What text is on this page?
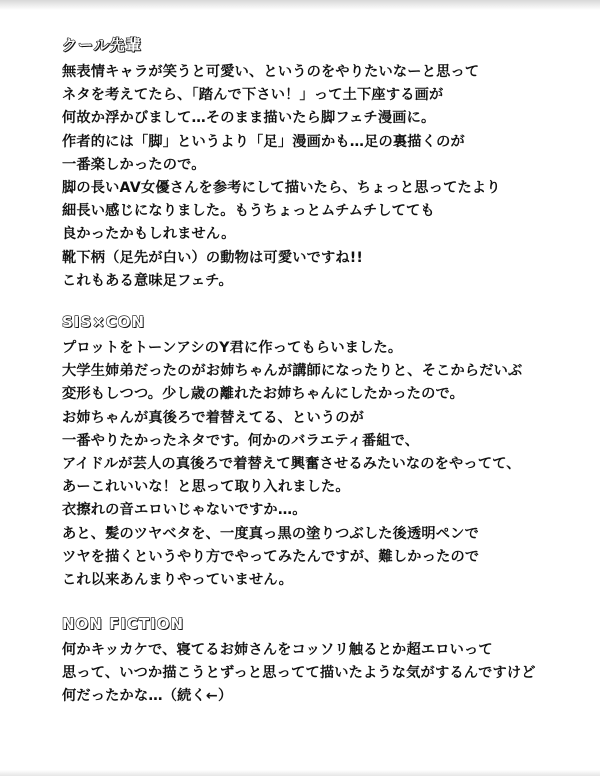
クール先輩
無表情キャラが笑うと可愛い、というのをやりたいなーと思って
ネタを考えてたら、「踏んで下さい！」って土下座する画が
何故か浮かびまして…そのまま描いたら脚フェチ漫画に。
作者的には「脚」というより「足」漫画かも…足の裏描くのが
一番楽しかったので。
脚の長いAV女優さんを参考にして描いたら、ちょっと思ってたより
細長い感じになりました。もうちょっとムチムチしてても
良かったかもしれません。
靴下柄（足先が白い）の動物は可愛いですね!!
これもある意味足フェチ。
SIS×CON
プロットをトーンアシのY君に作ってもらいました。
大学生姉弟だったのがお姉ちゃんが講師になったりと、そこからだいぶ
変形もしつつ。少し歳の離れたお姉ちゃんにしたかったので。
お姉ちゃんが真後ろで着替えてる、というのが
一番やりたかったネタです。何かのバラエティ番組で、
アイドルが芸人の真後ろで着替えて興奮させるみたいなのをやってて、
あーこれいいな！と思って取り入れました。
衣擦れの音エロいじゃないですか…。
あと、髪のツヤベタを、一度真っ黒の塗りつぶした後透明ペンで
ツヤを描くというやり方でやってみたんですが、難しかったので
これ以来あんまりやっていません。
NON FICTION
何かキッカケで、寝てるお姉さんをコッソリ触るとか超エロいって
思って、いつか描こうとずっと思ってて描いたような気がするんですけど
何だったかな…（続く←）
